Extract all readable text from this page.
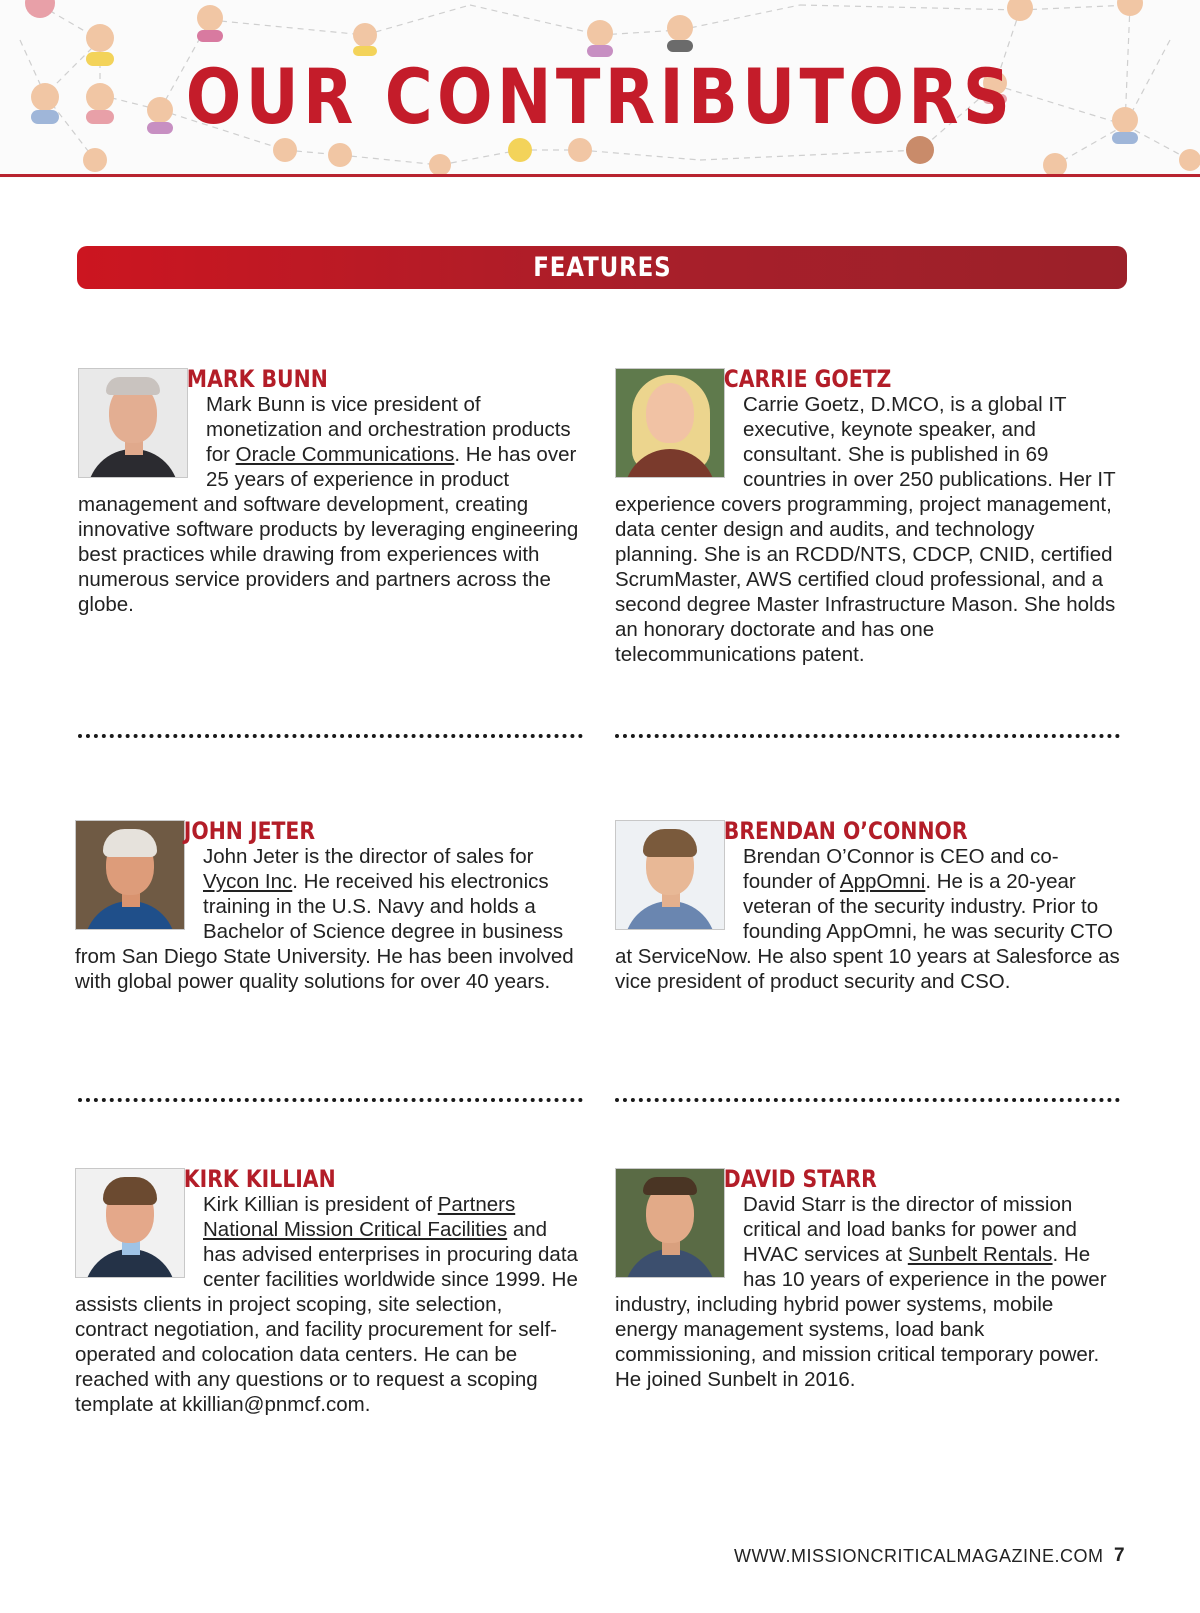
OUR CONTRIBUTORS
FEATURES
MARK BUNN

Mark Bunn is vice president of monetization and orchestration products for Oracle Communications. He has over 25 years of experience in product management and software development, creating innovative software products by leveraging engineering best practices while drawing from experiences with numerous service providers and partners across the globe.

CARRIE GOETZ

Carrie Goetz, D.MCO, is a global IT executive, keynote speaker, and consultant. She is published in 69 countries in over 250 publications. Her IT experience covers programming, project management, data center design and audits, and technology planning. She is an RCDD/NTS, CDCP, CNID, certified ScrumMaster, AWS certified cloud professional, and a second degree Master Infrastructure Mason. She holds an honorary doctorate and has one telecommunications patent.

JOHN JETER

John Jeter is the director of sales for Vycon Inc. He received his electronics training in the U.S. Navy and holds a Bachelor of Science degree in business from San Diego State University. He has been involved with global power quality solutions for over 40 years.

BRENDAN O’CONNOR

Brendan O’Connor is CEO and co-founder of AppOmni. He is a 20-year veteran of the security industry. Prior to founding AppOmni, he was security CTO at ServiceNow. He also spent 10 years at Salesforce as vice president of product security and CSO.

KIRK KILLIAN

Kirk Killian is president of Partners National Mission Critical Facilities and has advised enterprises in procuring data center facilities worldwide since 1999. He assists clients in project scoping, site selection, contract negotiation, and facility procurement for self-operated and colocation data centers. He can be reached with any questions or to request a scoping template at kkillian@pnmcf.com.

DAVID STARR

David Starr is the director of mission critical and load banks for power and HVAC services at Sunbelt Rentals. He has 10 years of experience in the power industry, including hybrid power systems, mobile energy management systems, load bank commissioning, and mission critical temporary power. He joined Sunbelt in 2016.

WWW.MISSIONCRITICALMAGAZINE.COM 7
